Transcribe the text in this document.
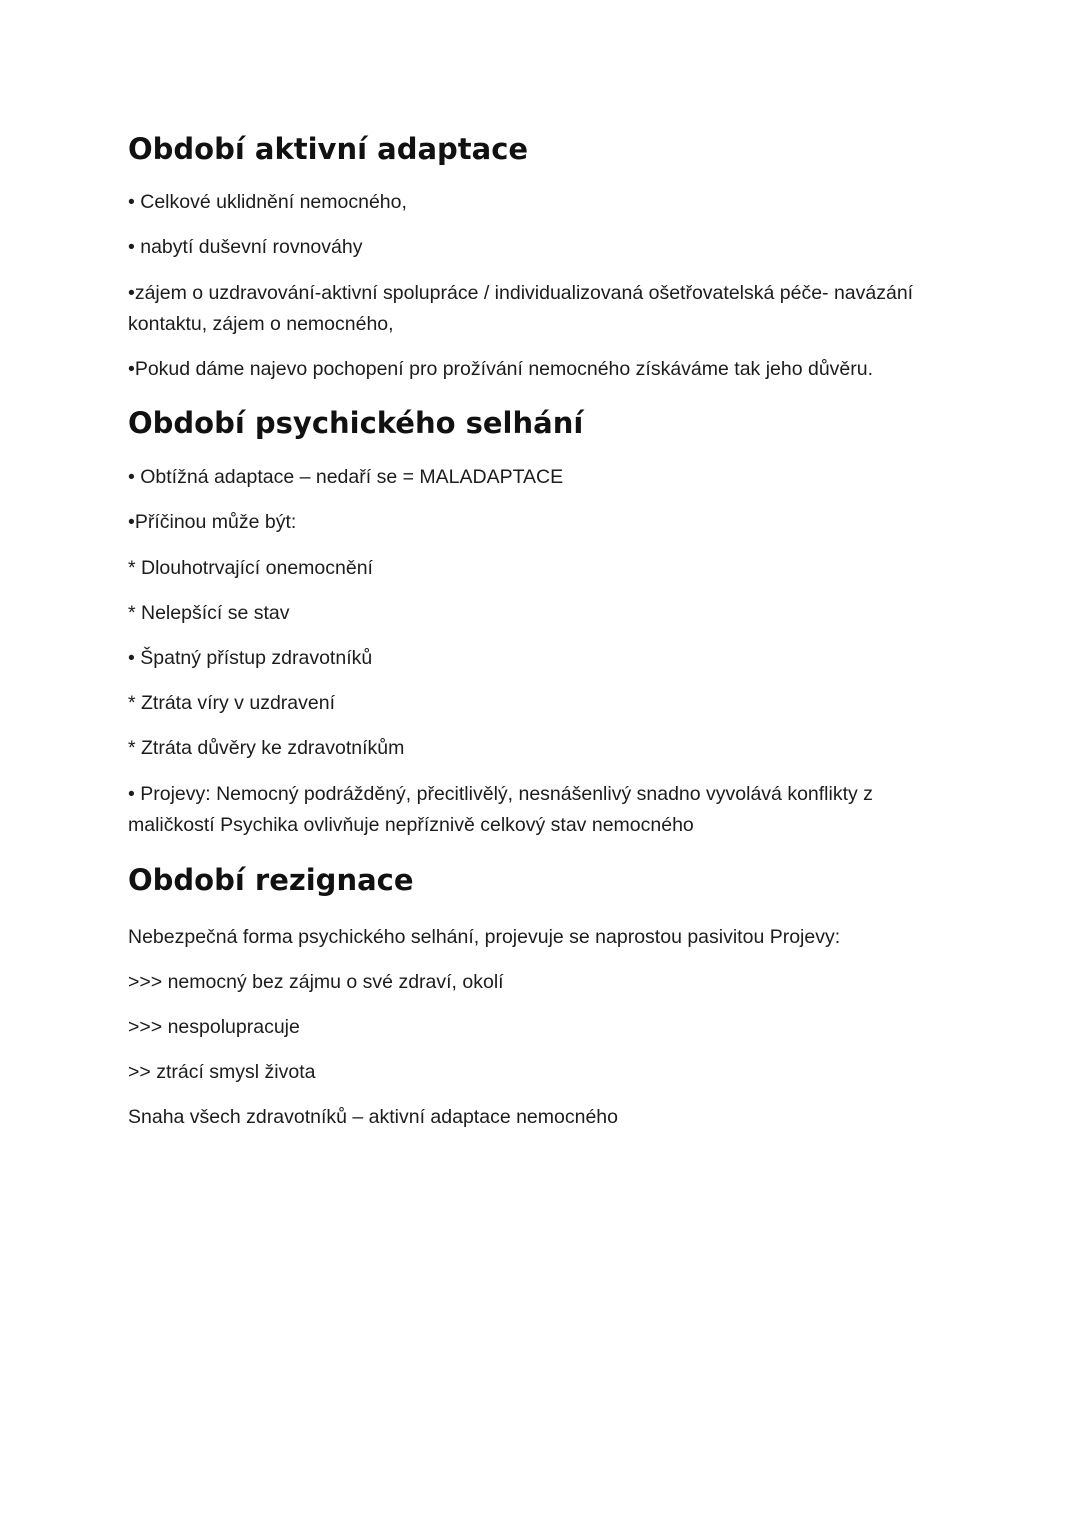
Období aktivní adaptace

• Celkové uklidnění nemocného,

• nabytí duševní rovnováhy

•zájem o uzdravování-aktivní spolupráce / individualizovaná ošetřovatelská péče- navázání kontaktu, zájem o nemocného,

•Pokud dáme najevo pochopení pro prožívání nemocného získáváme tak jeho důvěru.

Období psychického selhání

• Obtížná adaptace – nedaří se = MALADAPTACE

•Příčinou může být:

* Dlouhotrvající onemocnění

* Nelepšící se stav

• Špatný přístup zdravotníků

* Ztráta víry v uzdravení

* Ztráta důvěry ke zdravotníkům

• Projevy: Nemocný podrážděný, přecitlivělý, nesnášenlivý snadno vyvolává konflikty z maličkostí Psychika ovlivňuje nepříznivě celkový stav nemocného

Období rezignace

Nebezpečná forma psychického selhání, projevuje se naprostou pasivitou Projevy:

>>> nemocný bez zájmu o své zdraví, okolí

>>> nespolupracuje

>> ztrácí smysl života

Snaha všech zdravotníků – aktivní adaptace nemocného
